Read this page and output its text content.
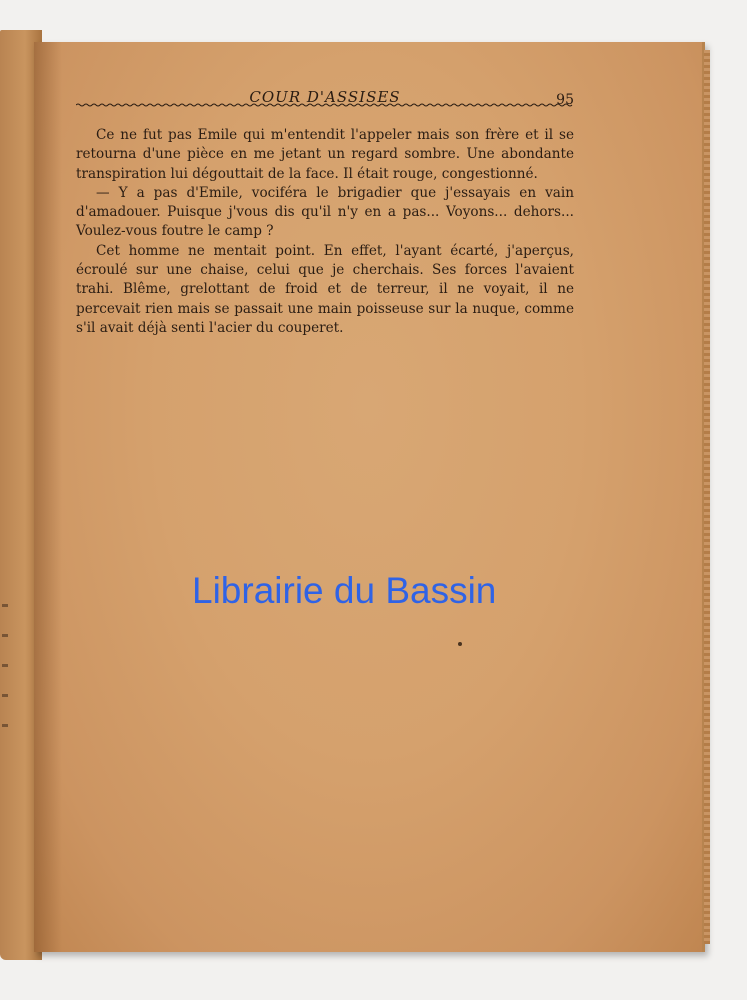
COUR D'ASSISES	95

Ce ne fut pas Emile qui m'entendit l'appeler mais son frère et il se retourna d'une pièce en me jetant un regard sombre. Une abondante transpiration lui dégouttait de la face. Il était rouge, congestionné.

— Y a pas d'Emile, vociféra le brigadier que j'essayais en vain d'amadouer. Puisque j'vous dis qu'il n'y en a pas... Voyons... dehors... Voulez-vous foutre le camp ?

Cet homme ne mentait point. En effet, l'ayant écarté, j'aperçus, écroulé sur une chaise, celui que je cherchais. Ses forces l'avaient trahi. Blême, grelottant de froid et de terreur, il ne voyait, il ne percevait rien mais se passait une main poisseuse sur la nuque, comme s'il avait déjà senti l'acier du couperet.

Librairie du Bassin
